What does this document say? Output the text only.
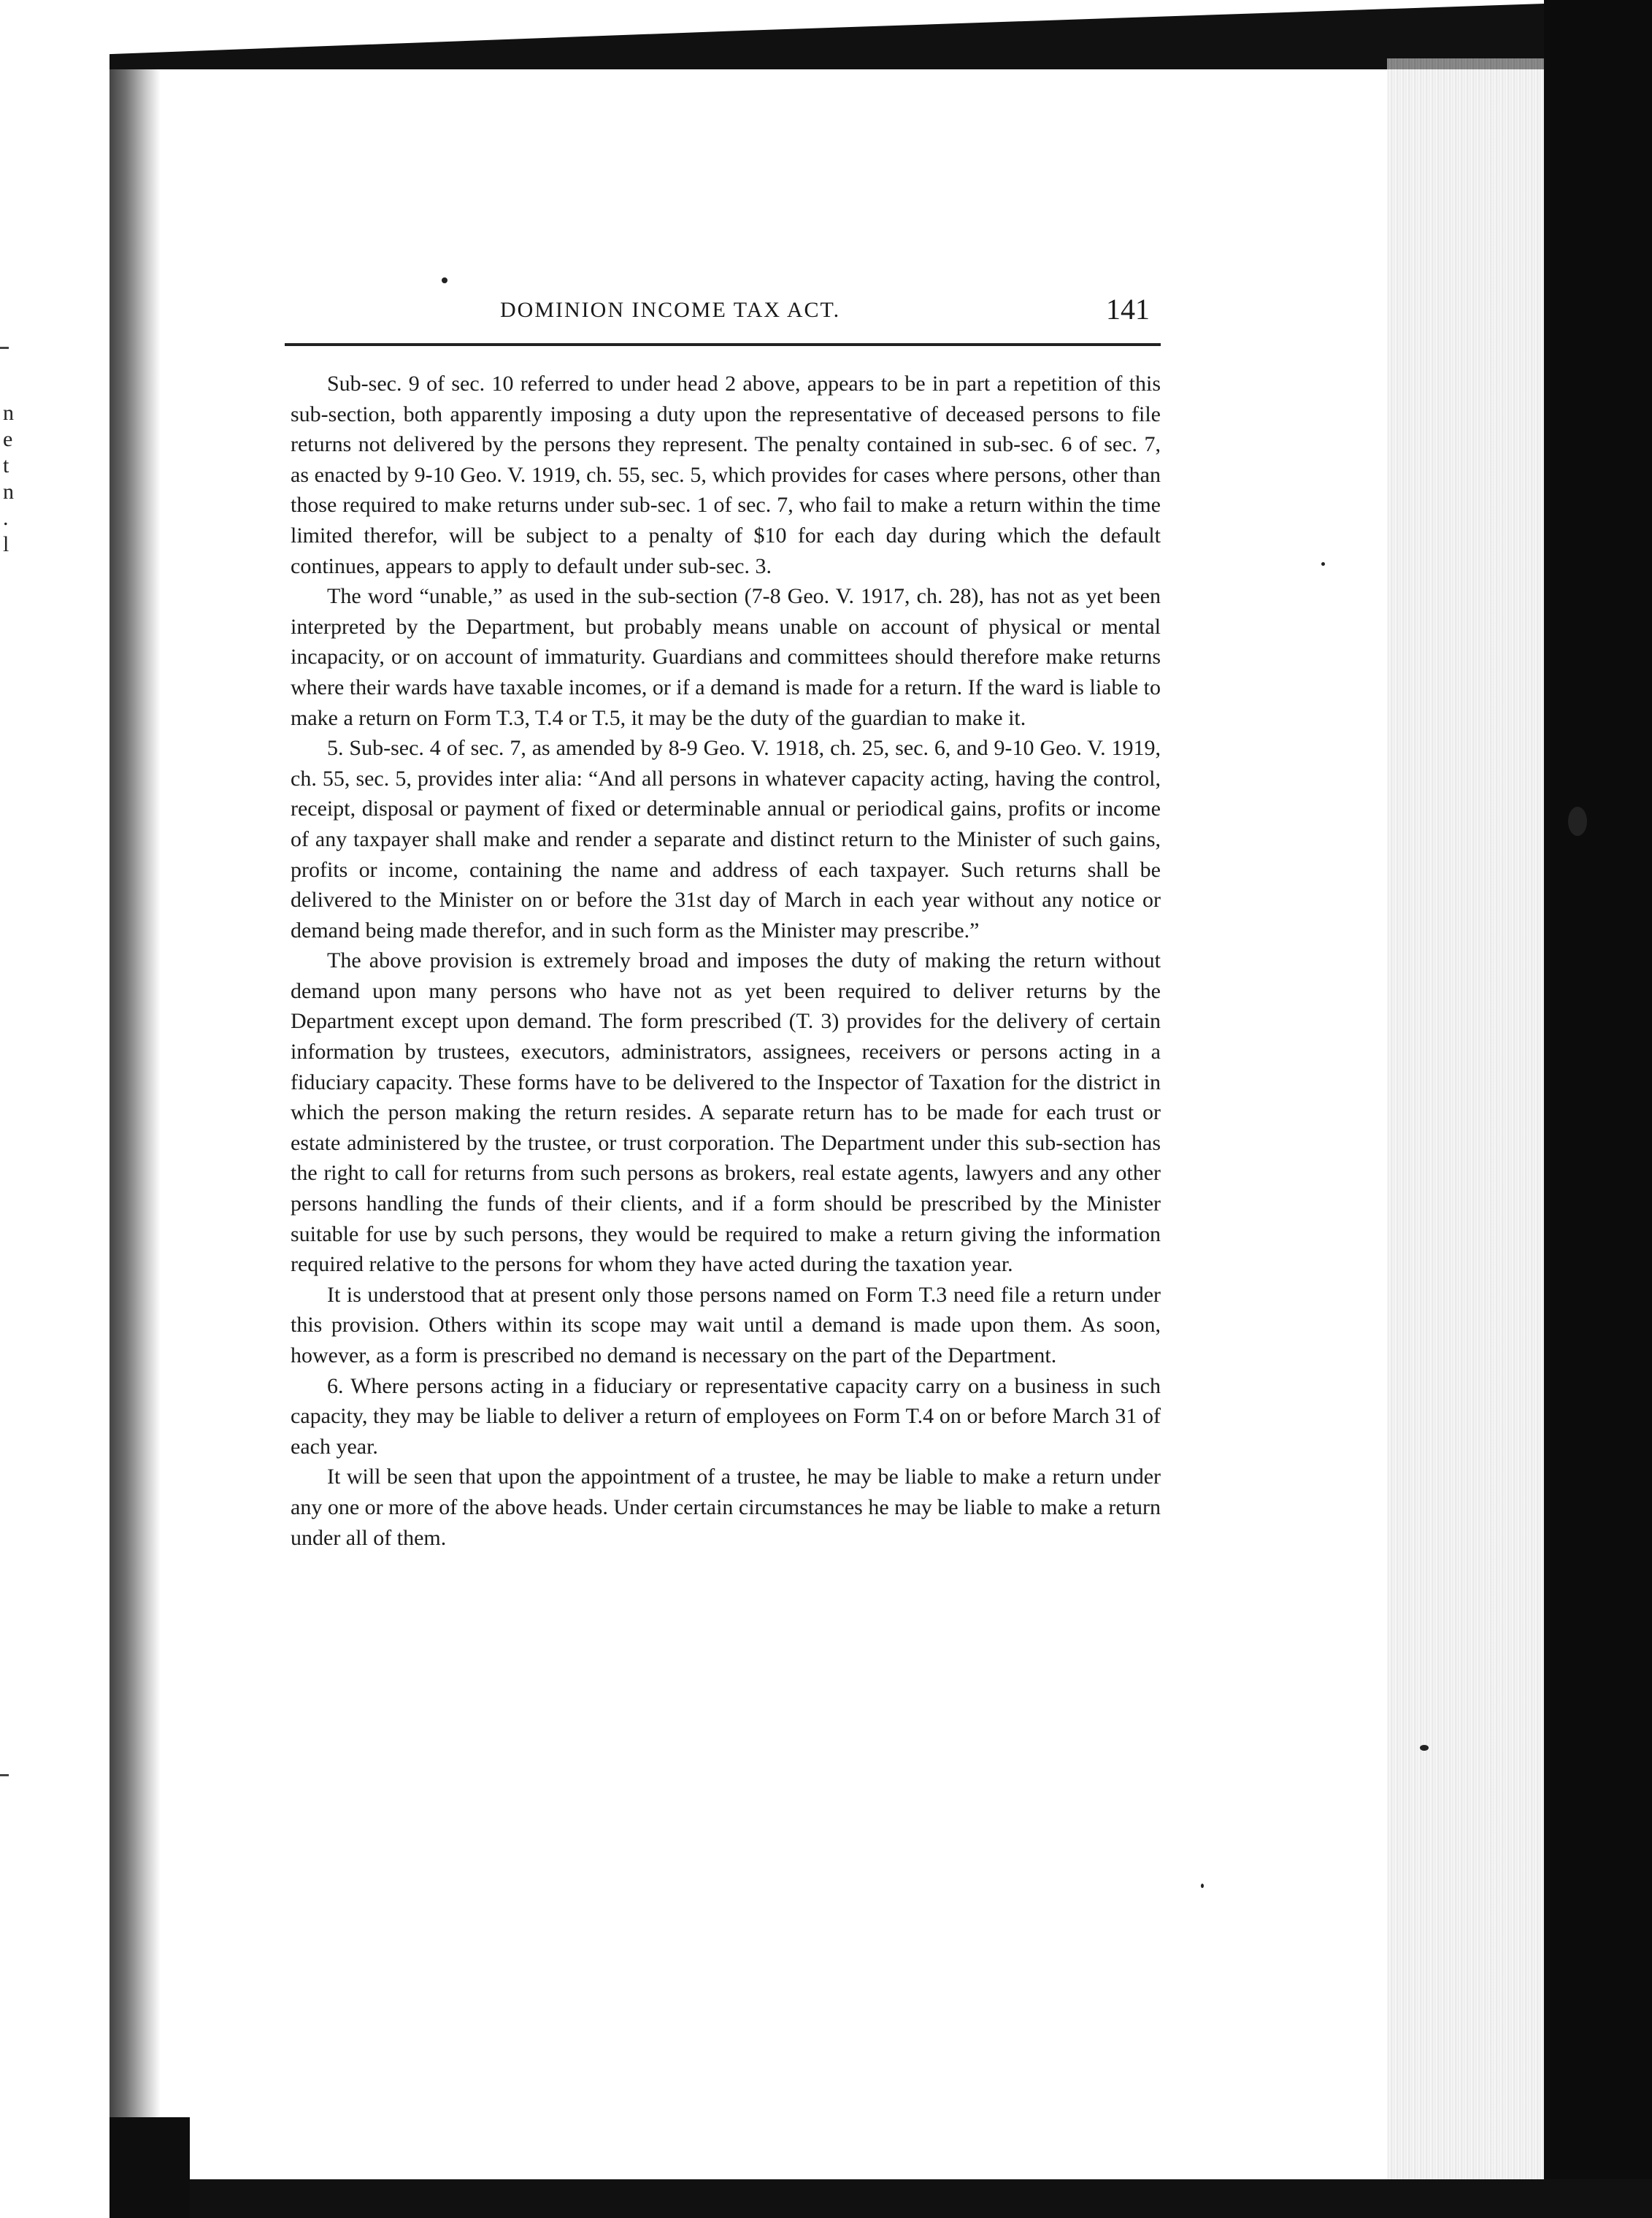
n
e
t
n
.
l
DOMINION INCOME TAX ACT.	141

Sub-sec. 9 of sec. 10 referred to under head 2 above, appears to be in part a repetition of this sub-section, both apparently imposing a duty upon the representative of deceased persons to file returns not delivered by the persons they represent. The penalty contained in sub-sec. 6 of sec. 7, as enacted by 9-10 Geo. V. 1919, ch. 55, sec. 5, which provides for cases where persons, other than those required to make returns under sub-sec. 1 of sec. 7, who fail to make a return within the time limited therefor, will be subject to a penalty of $10 for each day during which the default continues, appears to apply to default under sub-sec. 3.

The word “unable,” as used in the sub-section (7-8 Geo. V. 1917, ch. 28), has not as yet been interpreted by the Department, but probably means unable on account of physical or mental incapacity, or on account of immaturity. Guardians and committees should therefore make returns where their wards have taxable incomes, or if a demand is made for a return. If the ward is liable to make a return on Form T.3, T.4 or T.5, it may be the duty of the guardian to make it.

5. Sub-sec. 4 of sec. 7, as amended by 8-9 Geo. V. 1918, ch. 25, sec. 6, and 9-10 Geo. V. 1919, ch. 55, sec. 5, provides inter alia: “And all persons in whatever capacity acting, having the control, receipt, disposal or payment of fixed or determinable annual or periodical gains, profits or income of any taxpayer shall make and render a separate and distinct return to the Minister of such gains, profits or income, containing the name and address of each taxpayer. Such returns shall be delivered to the Minister on or before the 31st day of March in each year without any notice or demand being made therefor, and in such form as the Minister may prescribe.”

The above provision is extremely broad and imposes the duty of making the return without demand upon many persons who have not as yet been required to deliver returns by the Department except upon demand. The form prescribed (T. 3) provides for the delivery of certain information by trustees, executors, administrators, assignees, receivers or persons acting in a fiduciary capacity. These forms have to be delivered to the Inspector of Taxation for the district in which the person making the return resides. A separate return has to be made for each trust or estate administered by the trustee, or trust corporation. The Department under this sub-section has the right to call for returns from such persons as brokers, real estate agents, lawyers and any other persons handling the funds of their clients, and if a form should be prescribed by the Minister suitable for use by such persons, they would be required to make a return giving the information required relative to the persons for whom they have acted during the taxation year.

It is understood that at present only those persons named on Form T.3 need file a return under this provision. Others within its scope may wait until a demand is made upon them. As soon, however, as a form is prescribed no demand is necessary on the part of the Department.

6. Where persons acting in a fiduciary or representative capacity carry on a business in such capacity, they may be liable to deliver a return of employees on Form T.4 on or before March 31 of each year.

It will be seen that upon the appointment of a trustee, he may be liable to make a return under any one or more of the above heads. Under certain circumstances he may be liable to make a return under all of them.
